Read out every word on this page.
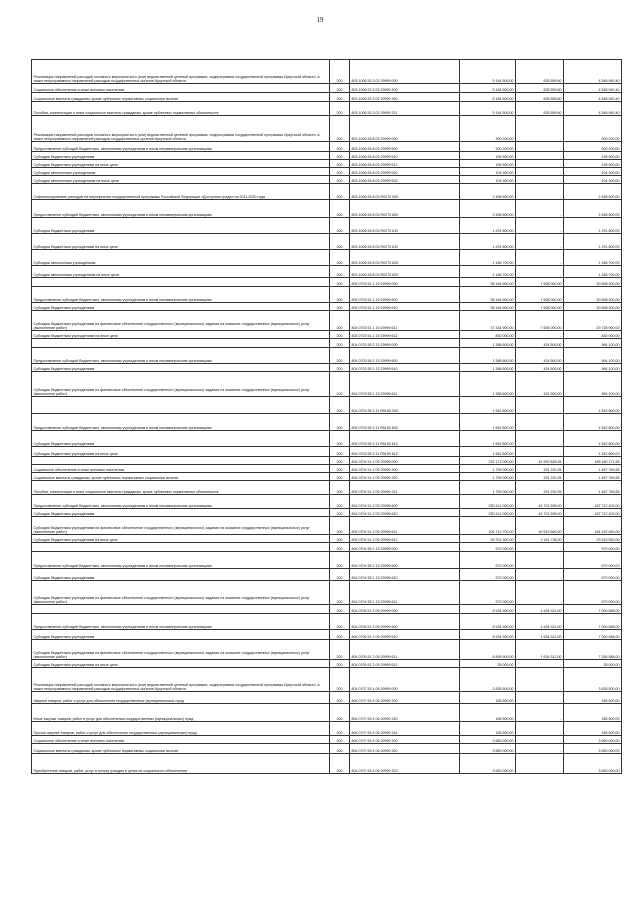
19
Реализация направлений расходов основного мероприятия и (или) ведомственной целевой программы, подпрограммы государственной программы Иркутской области, а также непрограммных направлений расходов государственных органов Иркутской области	200	803 1006 53 3 02 29999 000	5 184 500,00	635 559,60	4 548 940,40
Социальное обеспечение и иные выплаты населению	200	803 1006 53 3 02 29999 300	5 184 500,00	635 559,60	4 548 940,40
Социальные выплаты гражданам, кроме публичных нормативных социальных выплат	200	803 1006 53 3 02 29999 320	5 184 500,00	635 559,60	4 548 940,40
Пособия, компенсации и иные социальные выплаты гражданам, кроме публичных нормативных обязательств	200	803 1006 53 3 02 29999 321	5 184 500,00	635 559,60	4 548 940,40
Реализация направлений расходов основного мероприятия и (или) ведомственной целевой программы, подпрограммы государственной программы Иркутской области, а также непрограммных направлений расходов государственных органов Иркутской области	200	803 1006 53 8 03 29999 000	300 200,00	-	300 200,00
Предоставление субсидий бюджетным, автономным учреждениям и иным некоммерческим организациям	200	803 1006 53 8 03 29999 600	300 200,00	-	300 200,00
Субсидии бюджетным учреждениям	200	803 1006 53 8 03 29999 610	195 900,00	-	195 900,00
Субсидии бюджетным учреждениям на иные цели	200	803 1006 53 8 03 29999 612	195 900,00	-	195 900,00
Субсидии автономным учреждениям	200	803 1006 53 8 03 29999 620	104 300,00	-	104 300,00
Субсидии автономным учреждениям на иные цели	200	803 1006 53 8 03 29999 622	104 300,00	-	104 300,00
Софинансирование расходов на мероприятия государственной программы Российской Федерации «Доступная среда» на 2011-2020 годы	200	803 1006 53 8 03 R0270 000	2 458 500,00	-	2 458 500,00
Предоставление субсидий бюджетным, автономным учреждениям и иным некоммерческим организациям	200	803 1006 53 8 03 R0270 600	2 458 500,00	-	2 458 500,00
Субсидии бюджетным учреждениям	200	803 1006 53 8 03 R0270 610	1 291 800,00	-	1 291 800,00
Субсидии бюджетным учреждениям на иные цели	200	803 1006 53 8 03 R0270 612	1 291 800,00	-	1 291 800,00
Субсидии автономным учреждениям	200	803 1006 53 8 03 R0270 620	1 166 700,00	-	1 166 700,00
Субсидии автономным учреждениям на иные цели	200	803 1006 53 8 03 R0270 622	1 166 700,00	-	1 166 700,00
	200	804 0703 51 1 19 29999 000	38 164 900,00	7 606 000,00	30 558 900,00
Предоставление субсидий бюджетным, автономным учреждениям и иным некоммерческим организациям	200	804 0703 51 1 19 29999 600	38 164 900,00	7 606 000,00	30 558 900,00
Субсидии бюджетным учреждениям	200	804 0703 51 1 19 29999 610	38 164 900,00	7 606 000,00	30 558 900,00
Субсидии бюджетным учреждениям на финансовое обеспечение государственного (муниципального) задания на оказание государственных (муниципальных) услуг (выполнение работ)	200	804 0703 51 1 19 29999 611	37 334 900,00	7 606 000,00	29 728 900,00
Субсидии бюджетным учреждениям на иные цели	200	804 0703 51 1 19 29999 612	830 000,00	-	830 000,00
	200	804 0703 55 2 13 29999 000	1 388 600,00	424 500,00	964 100,00
Предоставление субсидий бюджетным, автономным учреждениям и иным некоммерческим организациям	200	804 0703 55 2 13 29999 600	1 388 600,00	424 500,00	964 100,00
Субсидии бюджетным учреждениям	200	804 0703 55 2 13 29999 610	1 388 600,00	424 500,00	964 100,00
Субсидии бюджетным учреждениям на финансовое обеспечение государственного (муниципального) задания на оказание государственных (муниципальных) услуг (выполнение работ)	202	804 0703 55 2 13 29999 611	1 388 600,00	424 500,00	964 100,00
	200	804 0703 55 3 11 R5190 000	1 542 800,00	-	1 542 800,00
Предоставление субсидий бюджетным, автономным учреждениям и иным некоммерческим организациям	200	804 0703 55 3 11 R5190 600	1 542 800,00	-	1 542 800,00
Субсидии бюджетным учреждениям	200	804 0703 55 3 11 R5190 610	1 542 800,00	-	1 542 800,00
Субсидии бюджетным учреждениям на иные цели	200	804 0703 55 3 11 R5190 612	1 542 800,00	-	1 542 800,00
	200	804 0704 51 2 09 29999 000	232 173 000,00	42 992 828,35	189 180 171,65
Социальное обеспечение и иные выплаты населению	200	804 0704 51 2 09 29999 300	1 759 000,00	291 230,35	1 467 769,65
Социальные выплаты гражданам, кроме публичных нормативных социальных выплат	200	804 0704 51 2 09 29999 320	1 759 000,00	291 230,35	1 467 769,65
Пособия, компенсации и иные социальные выплаты гражданам, кроме публичных нормативных обязательств	200	804 0704 51 2 09 29999 321	1 759 000,00	291 230,35	1 467 769,65
Предоставление субсидий бюджетным, автономным учреждениям и иным некоммерческим организациям	200	804 0704 51 2 09 29999 600	230 414 000,00	42 701 598,00	187 712 402,00
Субсидии бюджетным учреждениям	200	804 0704 51 2 09 29999 610	230 414 000,00	42 701 598,00	187 712 402,00
Субсидии бюджетным учреждениям на финансовое обеспечение государственного (муниципального) задания на оказание государственных (муниципальных) услуг (выполнение работ)	200	804 0704 51 2 09 29999 611	204 712 700,00	40 519 860,00	164 192 840,00
Субсидии бюджетным учреждениям на иные цели	200	804 0704 51 2 09 29999 612	25 701 300,00	2 181 738,00	23 519 562,00
	200	804 0704 55 2 13 29999 000	570 000,00	-	570 000,00
Предоставление субсидий бюджетным, автономным учреждениям и иным некоммерческим организациям	200	804 0704 55 2 13 29999 600	570 000,00	-	570 000,00
Субсидии бюджетным учреждениям	200	804 0704 55 2 13 29999 610	570 000,00	-	570 000,00
Субсидии бюджетным учреждениям на финансовое обеспечение государственного (муниципального) задания на оказание государственных (муниципальных) услуг (выполнение работ)	200	804 0704 55 2 13 29999 611	570 000,00	-	570 000,00
	200	804 0705 51 2 09 29999 000	8 934 900,00	1 634 312,00	7 300 588,00
Предоставление субсидий бюджетным, автономным учреждениям и иным некоммерческим организациям	200	804 0705 51 2 09 29999 600	8 934 900,00	1 634 312,00	7 300 588,00
Субсидии бюджетным учреждениям	200	804 0705 51 2 09 29999 610	8 934 900,00	1 634 312,00	7 300 588,00
Субсидии бюджетным учреждениям на финансовое обеспечение государственного (муниципального) задания на оказание государственных (муниципальных) услуг (выполнение работ)	200	804 0705 51 2 09 29999 611	8 899 900,00	1 634 312,00	7 265 588,00
Субсидии бюджетным учреждениям на иные цели	200	804 0705 51 2 09 29999 612	35 000,00	-	35 000,00
Реализация направлений расходов основного мероприятия и (или) ведомственной целевой программы, подпрограммы государственной программы Иркутской области, а также непрограммных направлений расходов государственных органов Иркутской области	200	804 0707 53 4 06 29999 000	3 835 500,00	-	3 835 500,00
Закупка товаров, работ и услуг для обеспечения государственных (муниципальных) нужд	200	804 0707 53 4 06 29999 200	185 500,00	-	185 500,00
Иные закупки товаров, работ и услуг для обеспечения государственных (муниципальных) нужд	200	804 0707 53 4 06 29999 240	185 500,00	-	185 500,00
Прочая закупка товаров, работ и услуг для обеспечения государственных (муниципальных) нужд	200	804 0707 53 4 06 29999 244	185 500,00	-	185 500,00
Социальное обеспечение и иные выплаты населению	200	804 0707 53 4 06 29999 300	3 650 000,00	-	3 650 000,00
Социальные выплаты гражданам, кроме публичных нормативных социальных выплат	200	804 0707 53 4 06 29999 320	3 650 000,00	-	3 650 000,00
Приобретение товаров, работ, услуг в пользу граждан в целях их социального обеспечения	200	804 0707 53 4 06 29999 323	3 650 000,00	-	3 650 000,00
